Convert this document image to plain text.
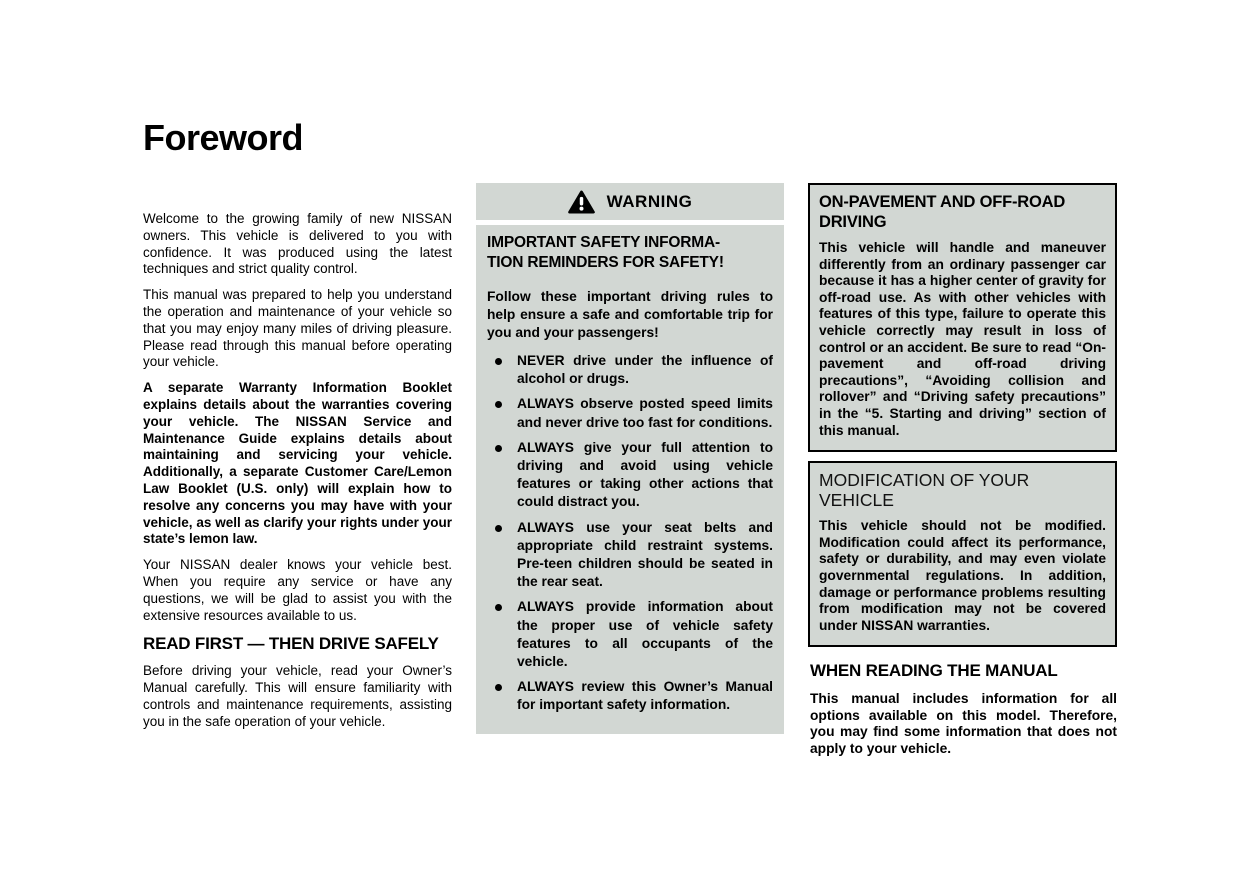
Foreword

Welcome to the growing family of new NISSAN owners. This vehicle is delivered to you with confidence. It was produced using the latest techniques and strict quality control.

This manual was prepared to help you understand the operation and maintenance of your vehicle so that you may enjoy many miles of driving pleasure. Please read through this manual before operating your vehicle.

A separate Warranty Information Booklet explains details about the warranties covering your vehicle. The NISSAN Service and Maintenance Guide explains details about maintaining and servicing your vehicle. Additionally, a separate Customer Care/Lemon Law Booklet (U.S. only) will explain how to resolve any concerns you may have with your vehicle, as well as clarify your rights under your state’s lemon law.

Your NISSAN dealer knows your vehicle best. When you require any service or have any questions, we will be glad to assist you with the extensive resources available to us.

READ FIRST — THEN DRIVE SAFELY

Before driving your vehicle, read your Owner’s Manual carefully. This will ensure familiarity with controls and maintenance requirements, assisting you in the safe operation of your vehicle.

WARNING
IMPORTANT SAFETY INFORMA-
TION REMINDERS FOR SAFETY!

Follow these important driving rules to help ensure a safe and comfortable trip for you and your passengers!

NEVER drive under the influence of alcohol or drugs.
ALWAYS observe posted speed limits and never drive too fast for conditions.
ALWAYS give your full attention to driving and avoid using vehicle features or taking other actions that could distract you.
ALWAYS use your seat belts and appropriate child restraint systems. Pre-teen children should be seated in the rear seat.
ALWAYS provide information about the proper use of vehicle safety features to all occupants of the vehicle.
ALWAYS review this Owner’s Manual for important safety information.
ON-PAVEMENT AND OFF-ROAD DRIVING

This vehicle will handle and maneuver differently from an ordinary passenger car because it has a higher center of gravity for off-road use. As with other vehicles with features of this type, failure to operate this vehicle correctly may result in loss of control or an accident. Be sure to read “On-pavement and off-road driving precautions”, “Avoiding collision and rollover” and “Driving safety precautions” in the “5. Starting and driving” section of this manual.

MODIFICATION OF YOUR VEHICLE

This vehicle should not be modified. Modification could affect its performance, safety or durability, and may even violate governmental regulations. In addition, damage or performance problems resulting from modification may not be covered under NISSAN warranties.

WHEN READING THE MANUAL

This manual includes information for all options available on this model. Therefore, you may find some information that does not apply to your vehicle.
